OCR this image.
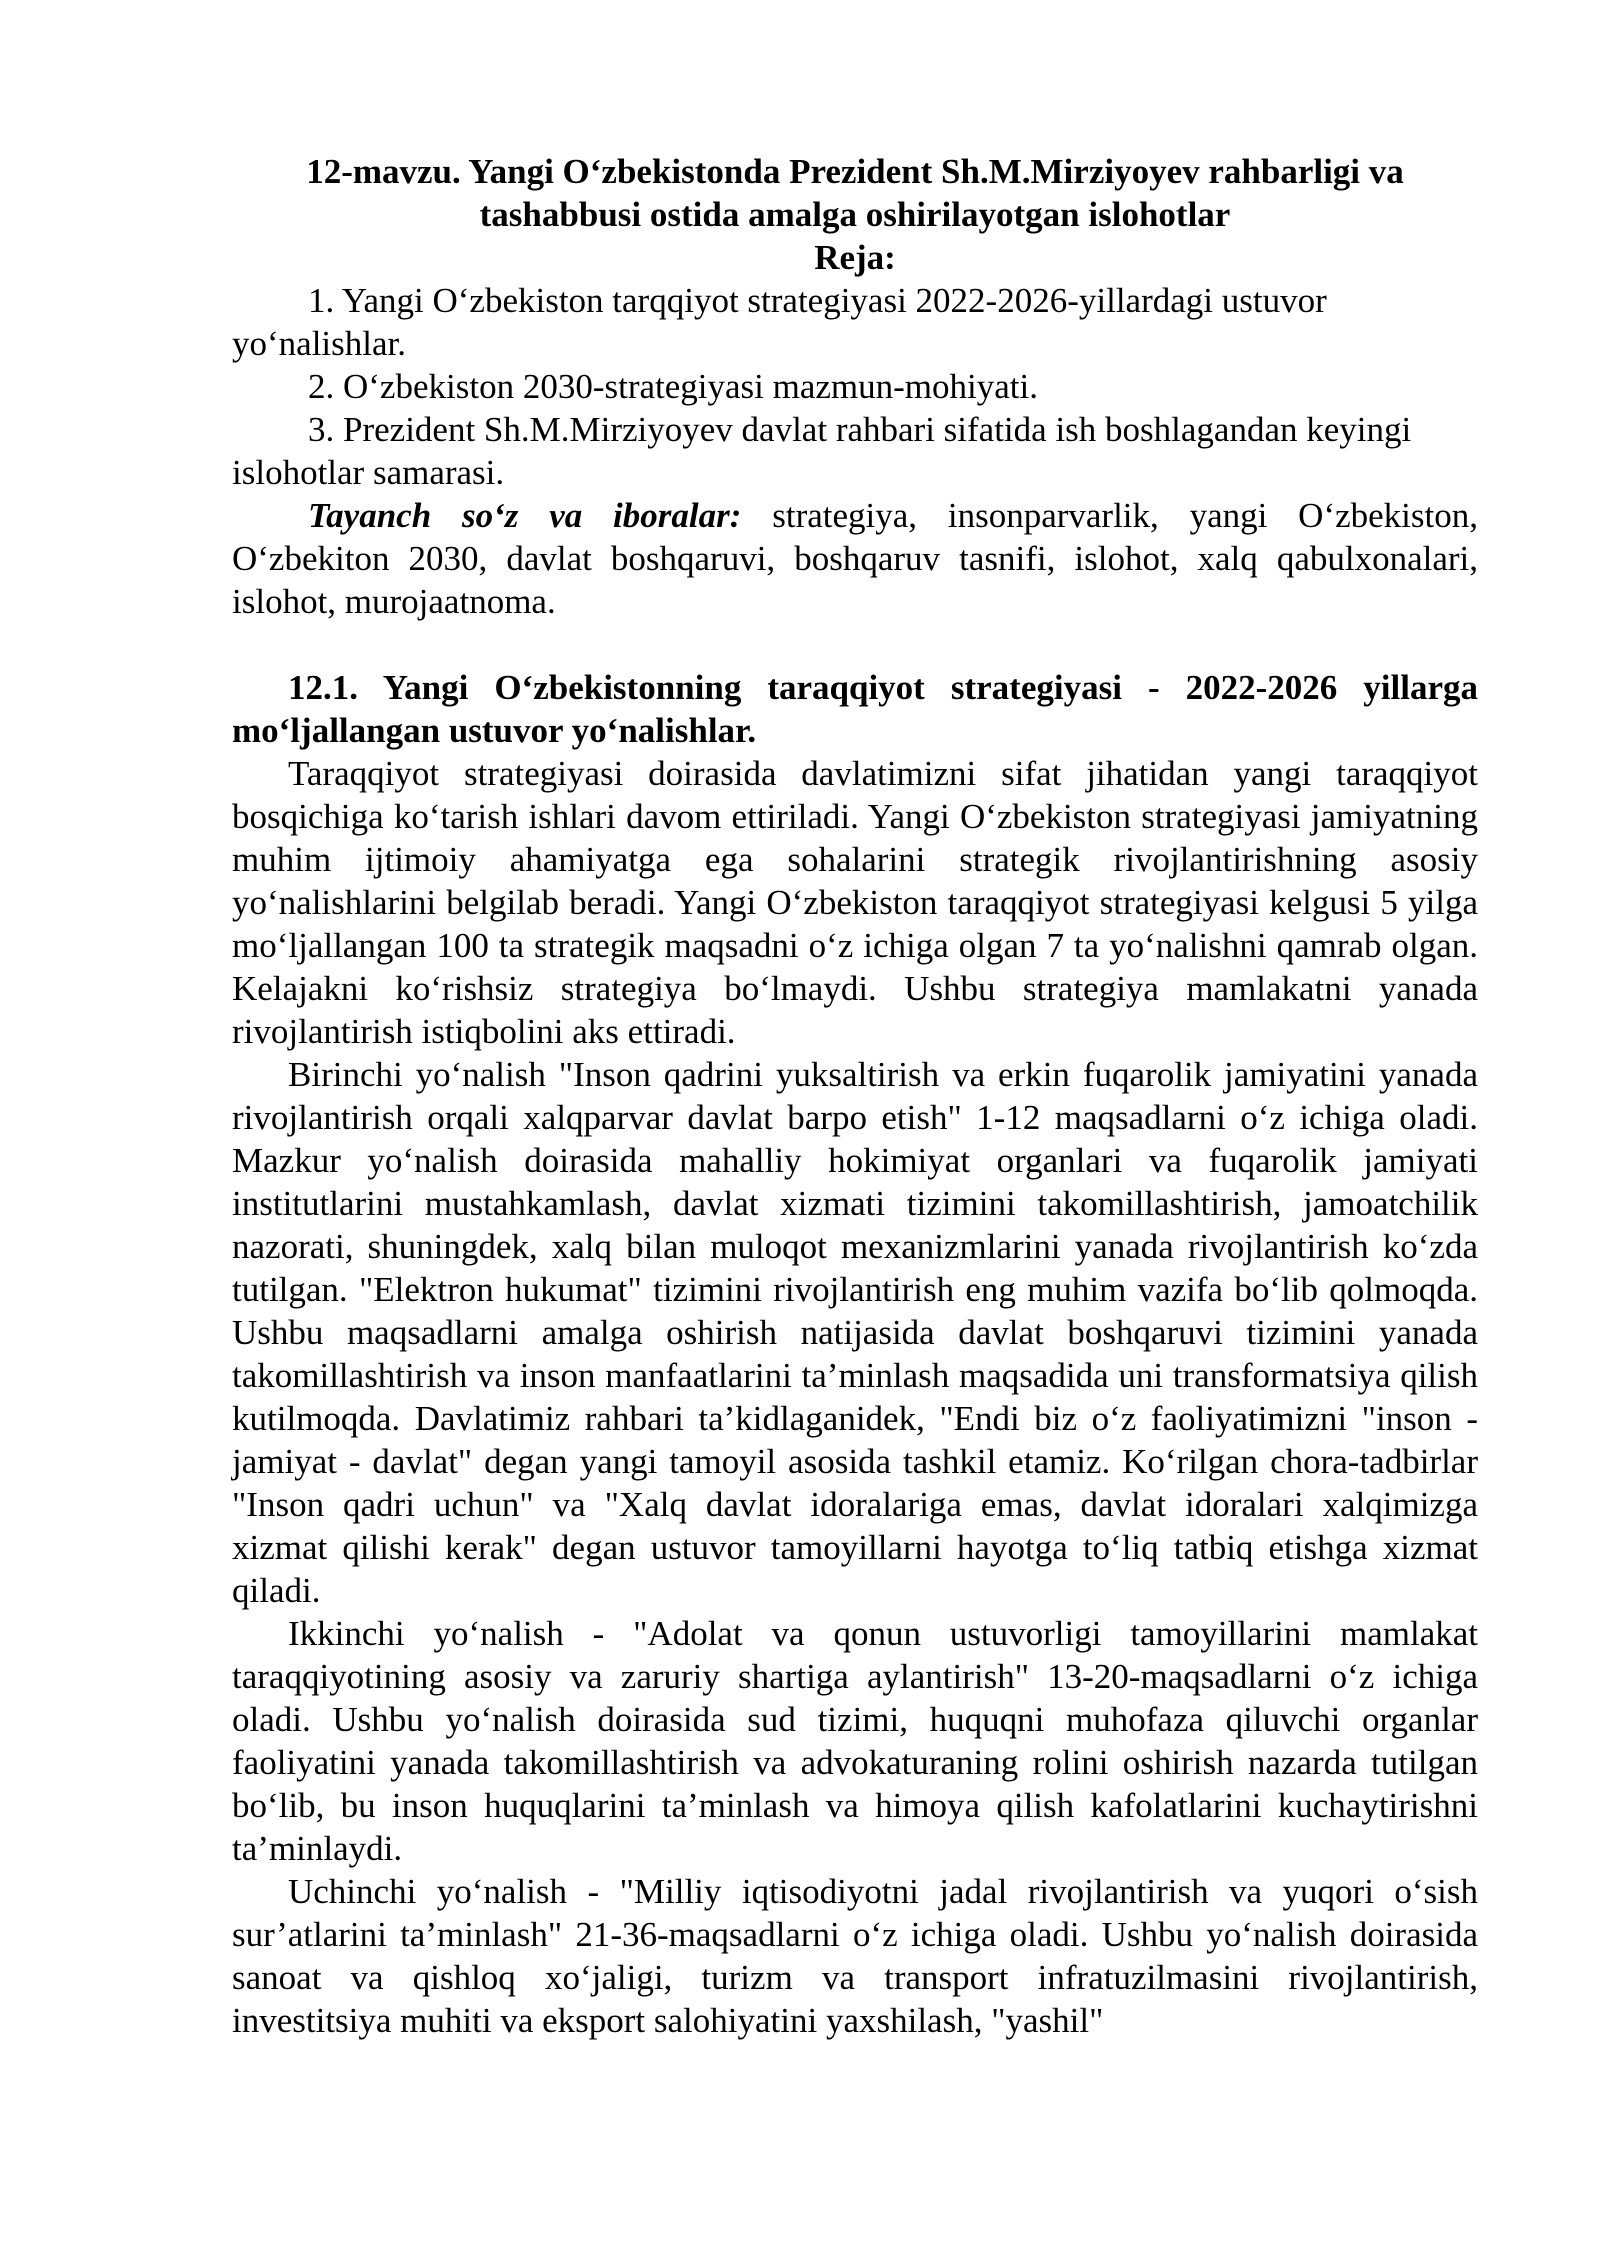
12-mavzu. Yangi O‘zbekistonda Prezident Sh.M.Mirziyoyev rahbarligi va
tashabbusi ostida amalga oshirilayotgan islohotlar

Reja:

1. Yangi O‘zbekiston tarqqiyot strategiyasi 2022-2026-yillardagi ustuvor yo‘nalishlar.

2. O‘zbekiston 2030-strategiyasi mazmun-mohiyati.

3. Prezident Sh.M.Mirziyoyev davlat rahbari sifatida ish boshlagandan keyingi islohotlar samarasi.

Tayanch so‘z va iboralar: strategiya, insonparvarlik, yangi O‘zbekiston, O‘zbekiton 2030, davlat boshqaruvi, boshqaruv tasnifi, islohot, xalq qabulxonalari, islohot, murojaatnoma.

12.1. Yangi O‘zbekistonning taraqqiyot strategiyasi - 2022-2026 yillarga mo‘ljallangan ustuvor yo‘nalishlar.

Taraqqiyot strategiyasi doirasida davlatimizni sifat jihatidan yangi taraqqiyot bosqichiga ko‘tarish ishlari davom ettiriladi. Yangi O‘zbekiston strategiyasi jamiyatning muhim ijtimoiy ahamiyatga ega sohalarini strategik rivojlantirishning asosiy yo‘nalishlarini belgilab beradi. Yangi O‘zbekiston taraqqiyot strategiyasi kelgusi 5 yilga mo‘ljallangan 100 ta strategik maqsadni o‘z ichiga olgan 7 ta yo‘nalishni qamrab olgan. Kelajakni ko‘rishsiz strategiya bo‘lmaydi. Ushbu strategiya mamlakatni yanada rivojlantirish istiqbolini aks ettiradi.

Birinchi yo‘nalish "Inson qadrini yuksaltirish va erkin fuqarolik jamiyatini yanada rivojlantirish orqali xalqparvar davlat barpo etish" 1-12 maqsadlarni o‘z ichiga oladi. Mazkur yo‘nalish doirasida mahalliy hokimiyat organlari va fuqarolik jamiyati institutlarini mustahkamlash, davlat xizmati tizimini takomillashtirish, jamoatchilik nazorati, shuningdek, xalq bilan muloqot mexanizmlarini yanada rivojlantirish ko‘zda tutilgan. "Elektron hukumat" tizimini rivojlantirish eng muhim vazifa bo‘lib qolmoqda. Ushbu maqsadlarni amalga oshirish natijasida davlat boshqaruvi tizimini yanada takomillashtirish va inson manfaatlarini ta’minlash maqsadida uni transformatsiya qilish kutilmoqda. Davlatimiz rahbari ta’kidlaganidek, "Endi biz o‘z faoliyatimizni "inson - jamiyat - davlat" degan yangi tamoyil asosida tashkil etamiz. Ko‘rilgan chora-tadbirlar "Inson qadri uchun" va "Xalq davlat idoralariga emas, davlat idoralari xalqimizga xizmat qilishi kerak" degan ustuvor tamoyillarni hayotga to‘liq tatbiq etishga xizmat qiladi.

Ikkinchi yo‘nalish - "Adolat va qonun ustuvorligi tamoyillarini mamlakat taraqqiyotining asosiy va zaruriy shartiga aylantirish" 13-20-maqsadlarni o‘z ichiga oladi. Ushbu yo‘nalish doirasida sud tizimi, huquqni muhofaza qiluvchi organlar faoliyatini yanada takomillashtirish va advokaturaning rolini oshirish nazarda tutilgan bo‘lib, bu inson huquqlarini ta’minlash va himoya qilish kafolatlarini kuchaytirishni ta’minlaydi.

Uchinchi yo‘nalish - "Milliy iqtisodiyotni jadal rivojlantirish va yuqori o‘sish sur’atlarini ta’minlash" 21-36-maqsadlarni o‘z ichiga oladi. Ushbu yo‘nalish doirasida sanoat va qishloq xo‘jaligi, turizm va transport infratuzilmasini rivojlantirish, investitsiya muhiti va eksport salohiyatini yaxshilash, "yashil"
